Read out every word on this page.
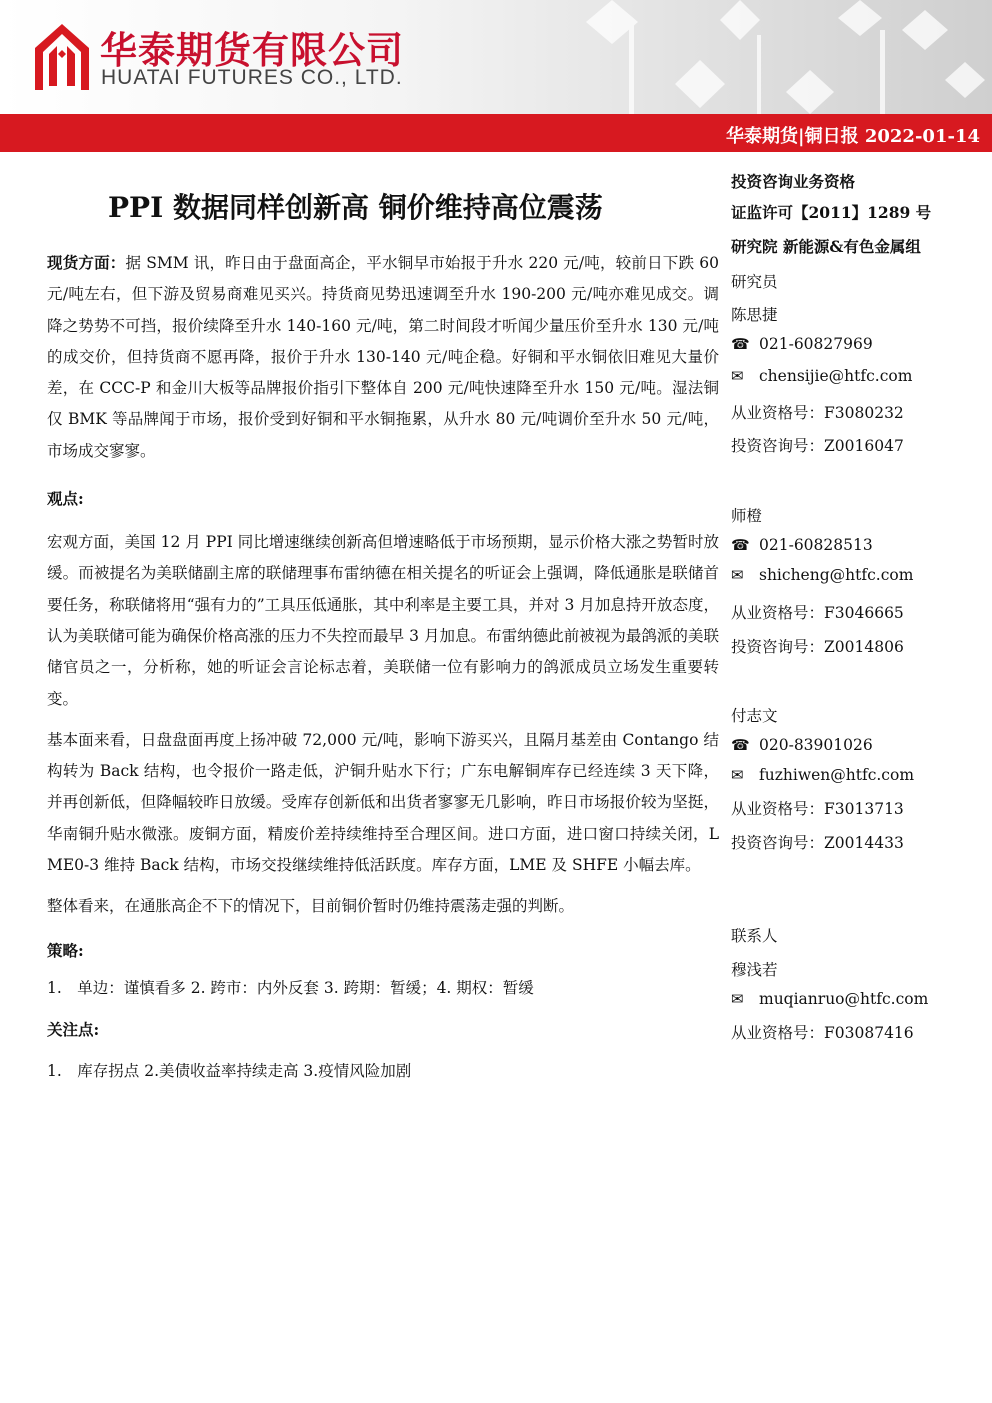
华泰期货有限公司
HUATAI FUTURES CO., LTD.
华泰期货|铜日报 2022-01-14
PPI 数据同样创新高 铜价维持高位震荡

现货方面：据 SMM 讯，昨日由于盘面高企，平水铜早市始报于升水 220 元/吨，较前日下跌 60 元/吨左右，但下游及贸易商难见买兴。持货商见势迅速调至升水 190-200 元/吨亦难见成交。调降之势势不可挡，报价续降至升水 140-160 元/吨，第二时间段才听闻少量压价至升水 130 元/吨的成交价，但持货商不愿再降，报价于升水 130-140 元/吨企稳。好铜和平水铜依旧难见大量价差，在 CCC-P 和金川大板等品牌报价指引下整体自 200 元/吨快速降至升水 150 元/吨。湿法铜仅 BMK 等品牌闻于市场，报价受到好铜和平水铜拖累，从升水 80 元/吨调价至升水 50 元/吨，市场成交寥寥。

观点:

宏观方面，美国 12 月 PPI 同比增速继续创新高但增速略低于市场预期，显示价格大涨之势暂时放缓。而被提名为美联储副主席的联储理事布雷纳德在相关提名的听证会上强调，降低通胀是联储首要任务，称联储将用“强有力的”工具压低通胀，其中利率是主要工具，并对 3 月加息持开放态度，认为美联储可能为确保价格高涨的压力不失控而最早 3 月加息。布雷纳德此前被视为最鸽派的美联储官员之一，分析称，她的听证会言论标志着，美联储一位有影响力的鸽派成员立场发生重要转变。

基本面来看，日盘盘面再度上扬冲破 72,000 元/吨，影响下游买兴，且隔月基差由 Contango 结构转为 Back 结构，也令报价一路走低，沪铜升贴水下行；广东电解铜库存已经连续 3 天下降，并再创新低，但降幅较昨日放缓。受库存创新低和出货者寥寥无几影响，昨日市场报价较为坚挺，华南铜升贴水微涨。废铜方面，精废价差持续维持至合理区间。进口方面，进口窗口持续关闭，LME0-3 维持 Back 结构，市场交投继续维持低活跃度。库存方面，LME 及 SHFE 小幅去库。

整体看来，在通胀高企不下的情况下，目前铜价暂时仍维持震荡走强的判断。

策略:

1.　单边：谨慎看多 2. 跨市：内外反套 3. 跨期：暂缓；4. 期权：暂缓

关注点:

1.　库存拐点 2.美债收益率持续走高 3.疫情风险加剧

投资咨询业务资格
证监许可【2011】1289 号
研究院 新能源&有色金属组
研究员
陈思捷
☎ 021-60827969
✉ chensijie@htfc.com
从业资格号：F3080232
投资咨询号：Z0016047
师橙
☎ 021-60828513
✉ shicheng@htfc.com
从业资格号：F3046665
投资咨询号：Z0014806
付志文
☎ 020-83901026
✉ fuzhiwen@htfc.com
从业资格号：F3013713
投资咨询号：Z0014433
联系人
穆浅若
✉ muqianruo@htfc.com
从业资格号：F03087416
